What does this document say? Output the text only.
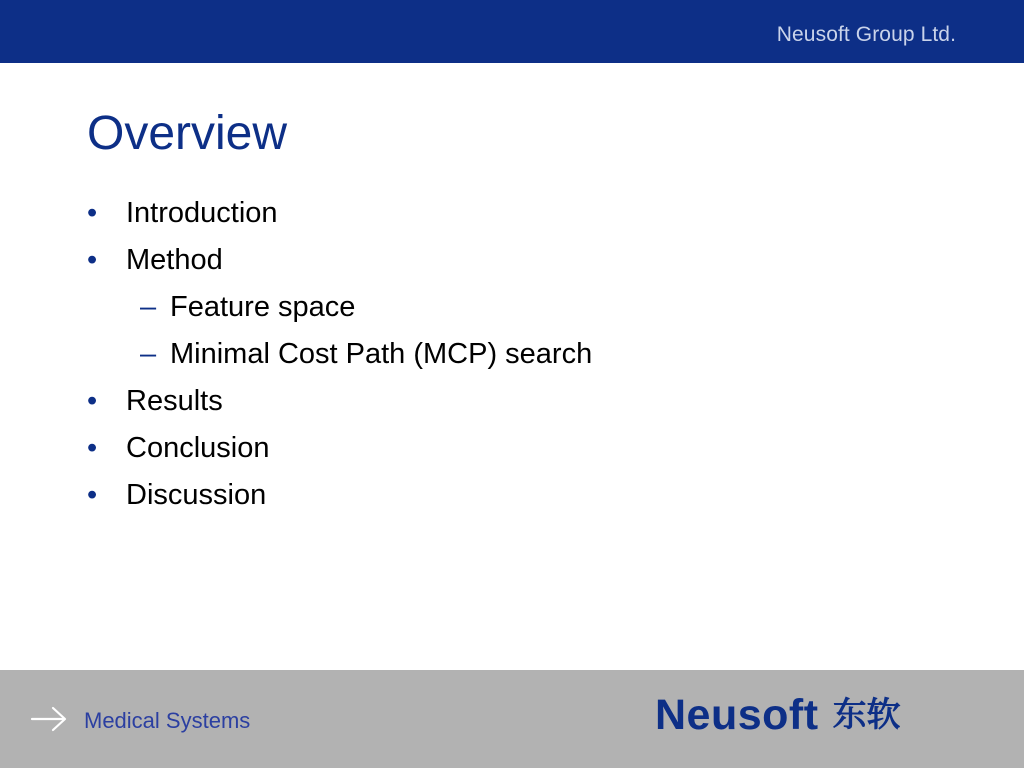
Neusoft Group Ltd.
Overview
• Introduction
• Method
– Feature space
– Minimal Cost Path (MCP) search
• Results
• Conclusion
• Discussion
Medical Systems	Neusoft 东软
